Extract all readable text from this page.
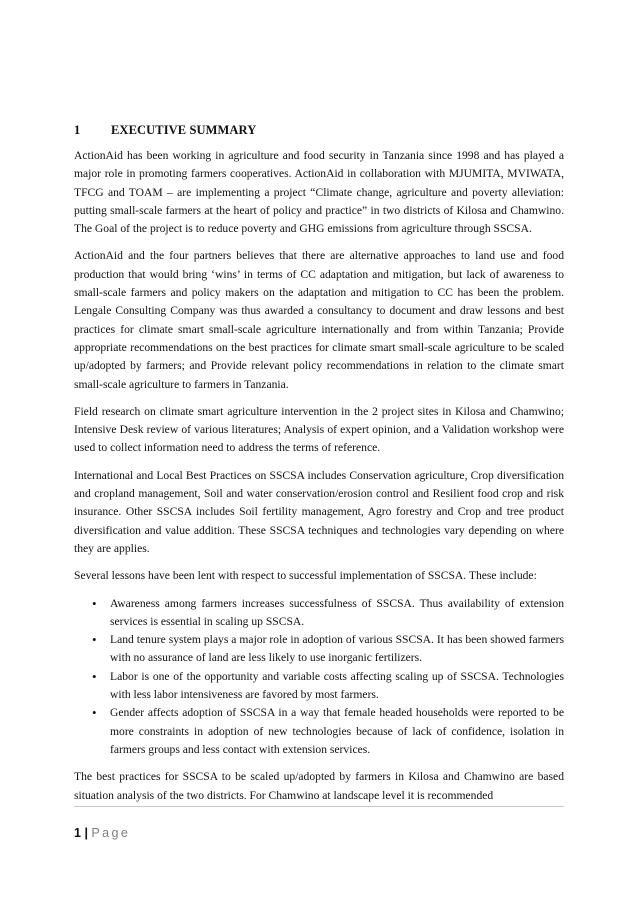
1 EXECUTIVE SUMMARY

ActionAid has been working in agriculture and food security in Tanzania since 1998 and has played a major role in promoting farmers cooperatives. ActionAid in collaboration with MJUMITA, MVIWATA, TFCG and TOAM – are implementing a project “Climate change, agriculture and poverty alleviation: putting small-scale farmers at the heart of policy and practice” in two districts of Kilosa and Chamwino. The Goal of the project is to reduce poverty and GHG emissions from agriculture through SSCSA.

ActionAid and the four partners believes that there are alternative approaches to land use and food production that would bring ‘wins’ in terms of CC adaptation and mitigation, but lack of awareness to small-scale farmers and policy makers on the adaptation and mitigation to CC has been the problem. Lengale Consulting Company was thus awarded a consultancy to document and draw lessons and best practices for climate smart small-scale agriculture internationally and from within Tanzania; Provide appropriate recommendations on the best practices for climate smart small-scale agriculture to be scaled up/adopted by farmers; and Provide relevant policy recommendations in relation to the climate smart small-scale agriculture to farmers in Tanzania.

Field research on climate smart agriculture intervention in the 2 project sites in Kilosa and Chamwino; Intensive Desk review of various literatures; Analysis of expert opinion, and a Validation workshop were used to collect information need to address the terms of reference.

International and Local Best Practices on SSCSA includes Conservation agriculture, Crop diversification and cropland management, Soil and water conservation/erosion control and Resilient food crop and risk insurance. Other SSCSA includes Soil fertility management, Agro forestry and Crop and tree product diversification and value addition. These SSCSA techniques and technologies vary depending on where they are applies.

Several lessons have been lent with respect to successful implementation of SSCSA. These include:

• Awareness among farmers increases successfulness of SSCSA. Thus availability of extension services is essential in scaling up SSCSA.
• Land tenure system plays a major role in adoption of various SSCSA. It has been showed farmers with no assurance of land are less likely to use inorganic fertilizers.
• Labor is one of the opportunity and variable costs affecting scaling up of SSCSA. Technologies with less labor intensiveness are favored by most farmers.
• Gender affects adoption of SSCSA in a way that female headed households were reported to be more constraints in adoption of new technologies because of lack of confidence, isolation in farmers groups and less contact with extension services.

The best practices for SSCSA to be scaled up/adopted by farmers in Kilosa and Chamwino are based situation analysis of the two districts. For Chamwino at landscape level it is recommended

1 | Page
